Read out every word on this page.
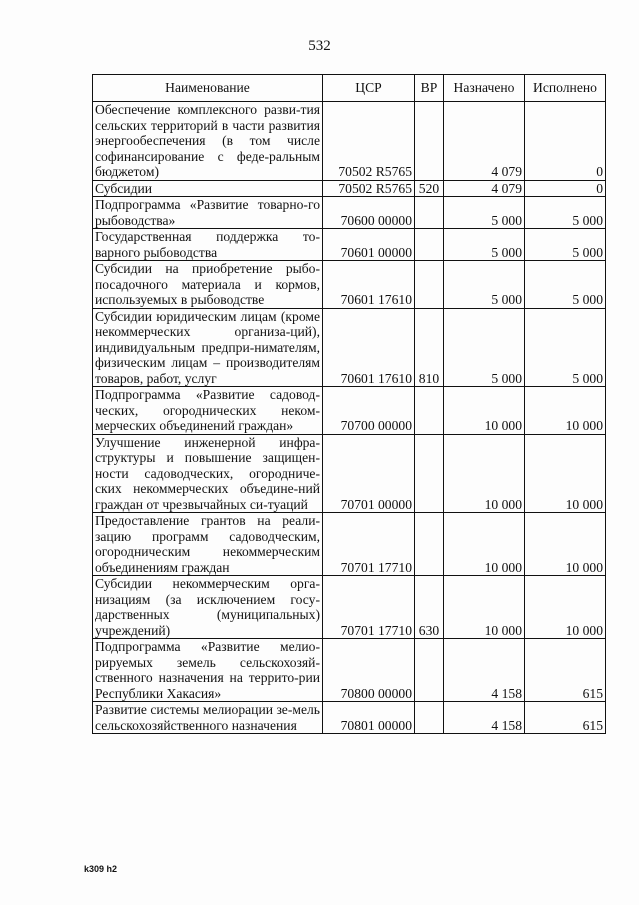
532
Наименование	ЦСР	ВР	Назначено	Исполнено
Обеспечение комплексного разви-тия сельских территорий в части развития энергообеспечения (в том числе софинансирование с феде-ральным бюджетом)	70502 R5765		4 079	0
Субсидии	70502 R5765	520	4 079	0
Подпрограмма «Развитие товарно-го рыбоводства»	70600 00000		5 000	5 000
Государственная поддержка то-варного рыбоводства	70601 00000		5 000	5 000
Субсидии на приобретение рыбо-посадочного материала и кормов, используемых в рыбоводстве	70601 17610		5 000	5 000
Субсидии юридическим лицам (кроме некоммерческих организа-ций), индивидуальным предпри-нимателям, физическим лицам – производителям товаров, работ, услуг	70601 17610	810	5 000	5 000
Подпрограмма «Развитие садовод-ческих, огороднических неком-мерческих объединений граждан»	70700 00000		10 000	10 000
Улучшение инженерной инфра-структуры и повышение защищен-ности садоводческих, огородниче-ских некоммерческих объедине-ний граждан от чрезвычайных си-туаций	70701 00000		10 000	10 000
Предоставление грантов на реали-зацию программ садоводческим, огородническим некоммерческим объединениям граждан	70701 17710		10 000	10 000
Субсидии некоммерческим орга-низациям (за исключением госу-дарственных (муниципальных) учреждений)	70701 17710	630	10 000	10 000
Подпрограмма «Развитие мелио-рируемых земель сельскохозяй-ственного назначения на террито-рии Республики Хакасия»	70800 00000		4 158	615
Развитие системы мелиорации зе-мель сельскохозяйственного назначения	70801 00000		4 158	615
k309 h2
